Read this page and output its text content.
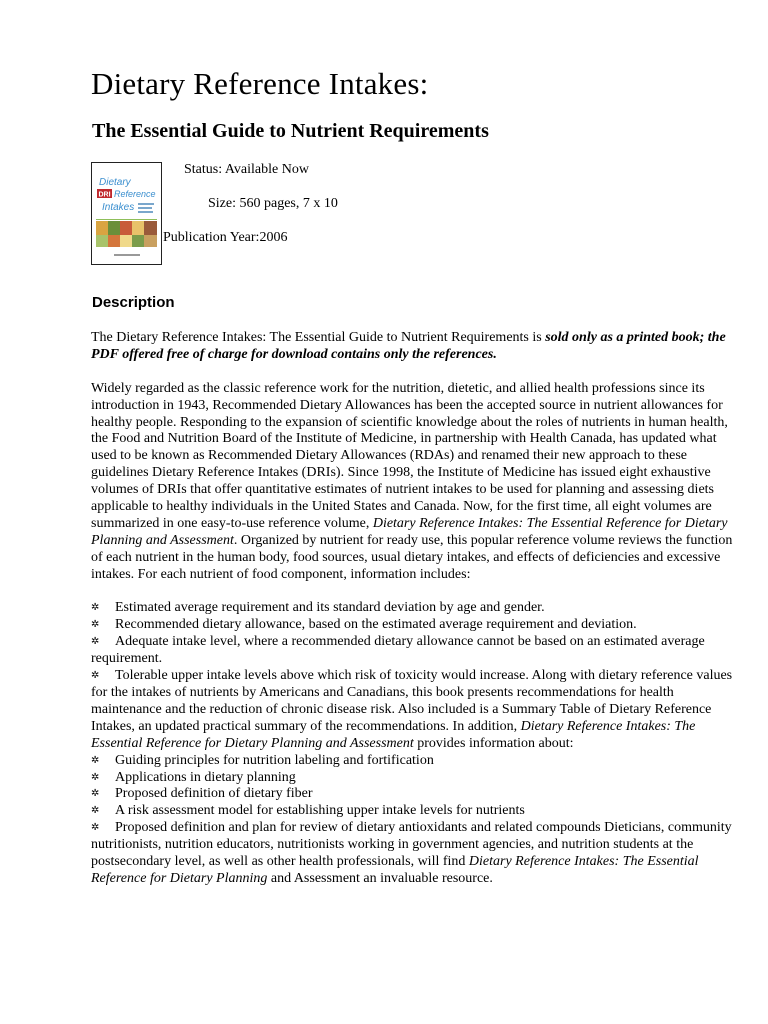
Dietary Reference Intakes:
The Essential Guide to Nutrient Requirements
Dietary
DRI Reference
Intakes
Status: Available Now
Size: 560 pages, 7 x 10
Publication Year:2006
Description

The Dietary Reference Intakes: The Essential Guide to Nutrient Requirements is sold only as a printed book; the PDF offered free of charge for download contains only the references.

Widely regarded as the classic reference work for the nutrition, dietetic, and allied health professions since its introduction in 1943, Recommended Dietary Allowances has been the accepted source in nutrient allowances for healthy people. Responding to the expansion of scientific knowledge about the roles of nutrients in human health, the Food and Nutrition Board of the Institute of Medicine, in partnership with Health Canada, has updated what used to be known as Recommended Dietary Allowances (RDAs) and renamed their new approach to these guidelines Dietary Reference Intakes (DRIs). Since 1998, the Institute of Medicine has issued eight exhaustive volumes of DRIs that offer quantitative estimates of nutrient intakes to be used for planning and assessing diets applicable to healthy individuals in the United States and Canada. Now, for the first time, all eight volumes are summarized in one easy-to-use reference volume, Dietary Reference Intakes: The Essential Reference for Dietary Planning and Assessment. Organized by nutrient for ready use, this popular reference volume reviews the function of each nutrient in the human body, food sources, usual dietary intakes, and effects of deficiencies and excessive intakes. For each nutrient of food component, information includes:

✲ Estimated average requirement and its standard deviation by age and gender.
✲ Recommended dietary allowance, based on the estimated average requirement and deviation.
✲ Adequate intake level, where a recommended dietary allowance cannot be based on an estimated average requirement.
✲ Tolerable upper intake levels above which risk of toxicity would increase. Along with dietary reference values for the intakes of nutrients by Americans and Canadians, this book presents recommendations for health maintenance and the reduction of chronic disease risk. Also included is a Summary Table of Dietary Reference Intakes, an updated practical summary of the recommendations. In addition, Dietary Reference Intakes: The Essential Reference for Dietary Planning and Assessment provides information about:
✲ Guiding principles for nutrition labeling and fortification
✲ Applications in dietary planning
✲ Proposed definition of dietary fiber
✲ A risk assessment model for establishing upper intake levels for nutrients
✲ Proposed definition and plan for review of dietary antioxidants and related compounds Dieticians, community nutritionists, nutrition educators, nutritionists working in government agencies, and nutrition students at the postsecondary level, as well as other health professionals, will find Dietary Reference Intakes: The Essential Reference for Dietary Planning and Assessment an invaluable resource.
